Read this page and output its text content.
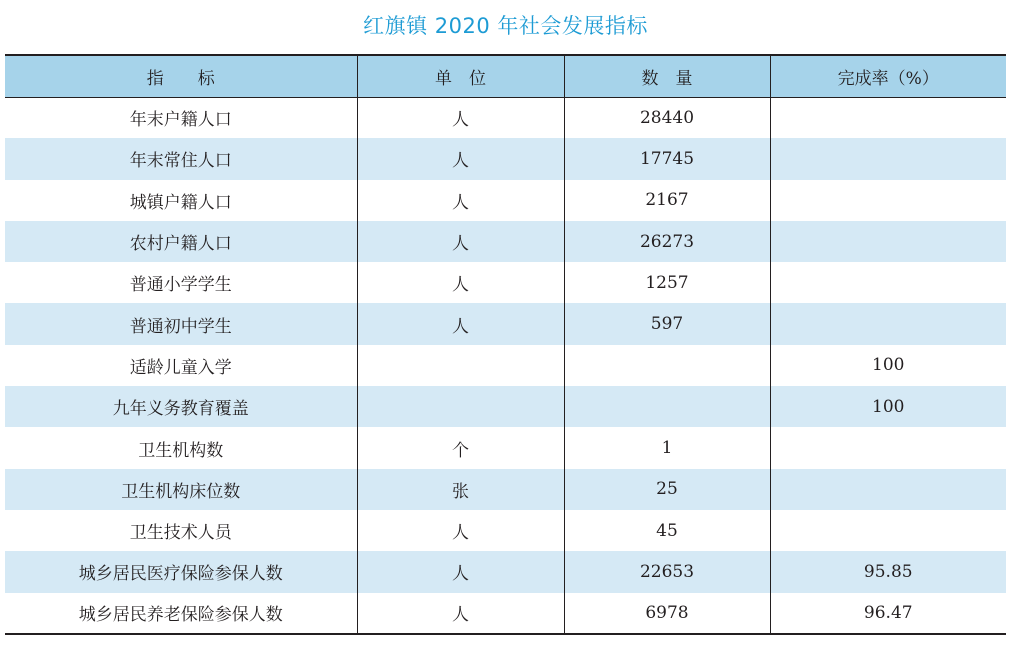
红旗镇 2020 年社会发展指标
指　　标	单　位	数　量	完成率（%）
年末户籍人口	人	28440	
年末常住人口	人	17745	
城镇户籍人口	人	2167	
农村户籍人口	人	26273	
普通小学学生	人	1257	
普通初中学生	人	597	
适龄儿童入学			100
九年义务教育覆盖			100
卫生机构数	个	1	
卫生机构床位数	张	25	
卫生技术人员	人	45	
城乡居民医疗保险参保人数	人	22653	95.85
城乡居民养老保险参保人数	人	6978	96.47
